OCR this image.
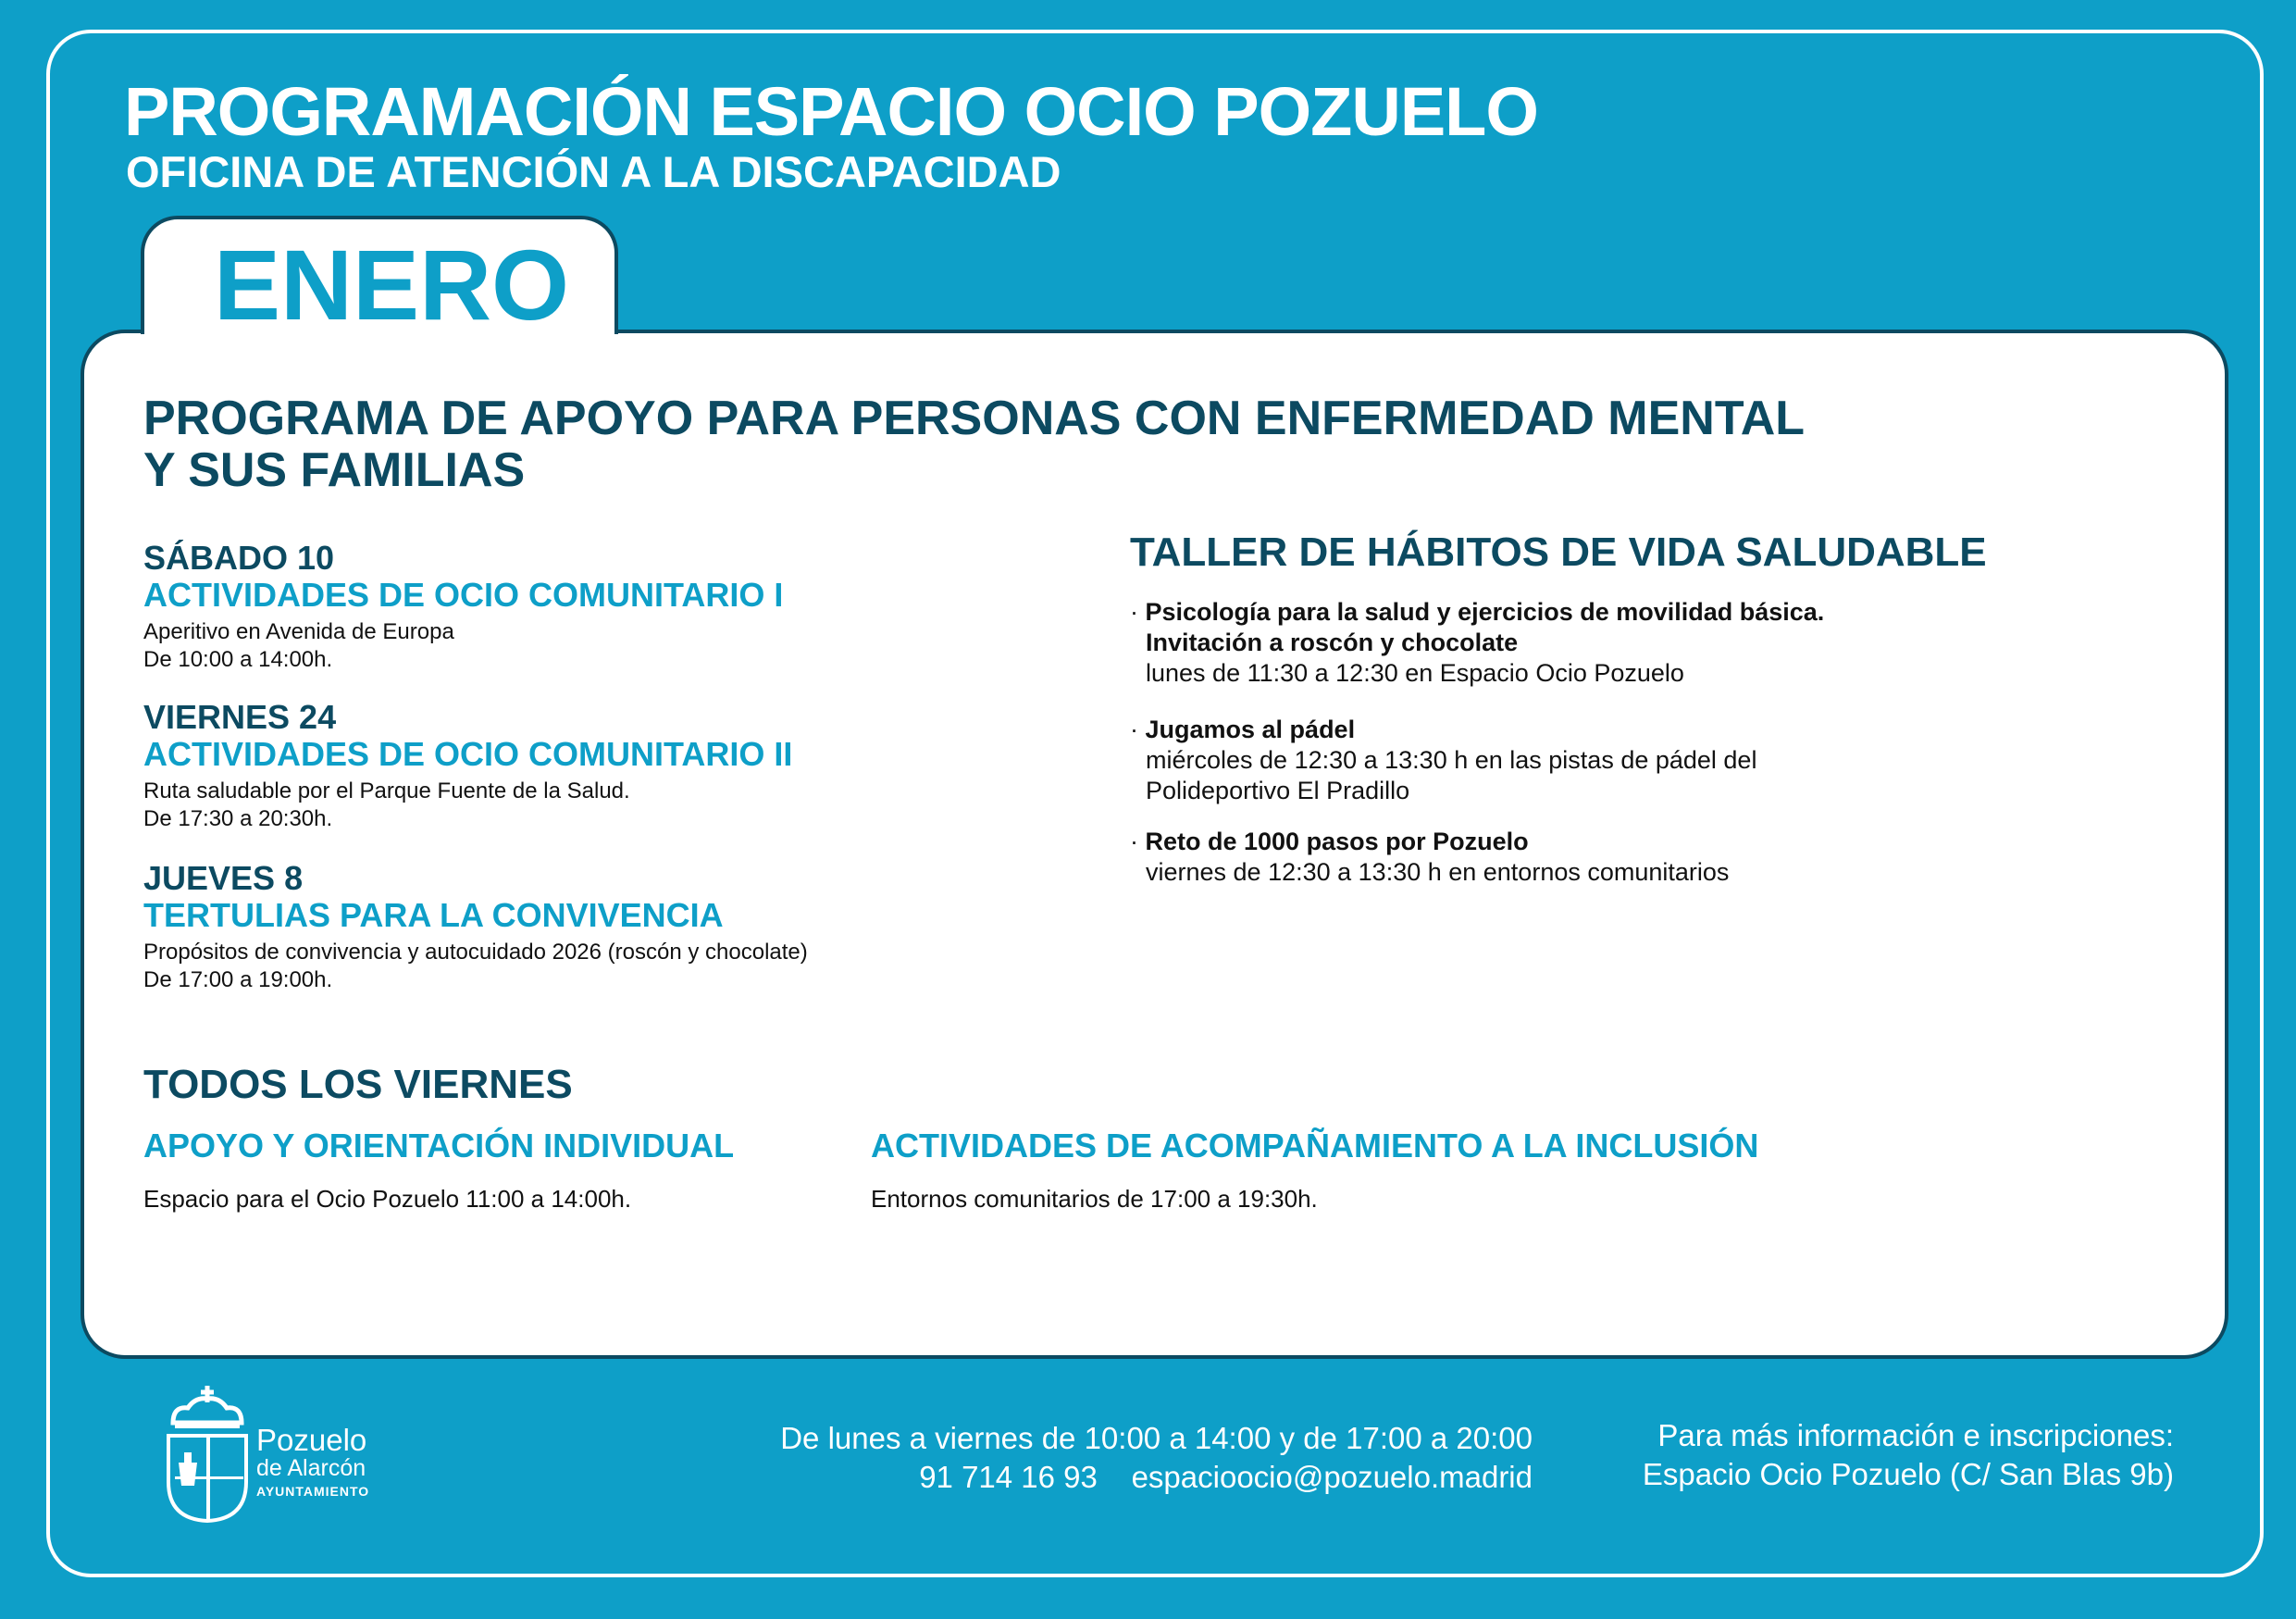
PROGRAMACIÓN ESPACIO OCIO POZUELO
OFICINA DE ATENCIÓN A LA DISCAPACIDAD
ENERO
PROGRAMA DE APOYO PARA PERSONAS CON ENFERMEDAD MENTAL
Y SUS FAMILIAS
SÁBADO 10
ACTIVIDADES DE OCIO COMUNITARIO I
Aperitivo en Avenida de Europa
De 10:00 a 14:00h.
VIERNES 24
ACTIVIDADES DE OCIO COMUNITARIO II
Ruta saludable por el Parque Fuente de la Salud.
De 17:30 a 20:30h.
JUEVES 8
TERTULIAS PARA LA CONVIVENCIA
Propósitos de convivencia y autocuidado 2026 (roscón y chocolate)
De 17:00 a 19:00h.
TALLER DE HÁBITOS DE VIDA SALUDABLE
· Psicología para la salud y ejercicios de movilidad básica.
Invitación a roscón y chocolate
lunes de 11:30 a 12:30 en Espacio Ocio Pozuelo
· Jugamos al pádel
miércoles de 12:30 a 13:30 h en las pistas de pádel del
Polideportivo El Pradillo
· Reto de 1000 pasos por Pozuelo
viernes de 12:30 a 13:30 h en entornos comunitarios
TODOS LOS VIERNES
APOYO Y ORIENTACIÓN INDIVIDUAL
Espacio para el Ocio Pozuelo 11:00 a 14:00h.
ACTIVIDADES DE ACOMPAÑAMIENTO A LA INCLUSIÓN
Entornos comunitarios de 17:00 a 19:30h.
Pozuelo
de Alarcón
AYUNTAMIENTO
De lunes a viernes de 10:00 a 14:00 y de 17:00 a 20:00
91 714 16 93 espacioocio@pozuelo.madrid
Para más información e inscripciones:
Espacio Ocio Pozuelo (C/ San Blas 9b)
